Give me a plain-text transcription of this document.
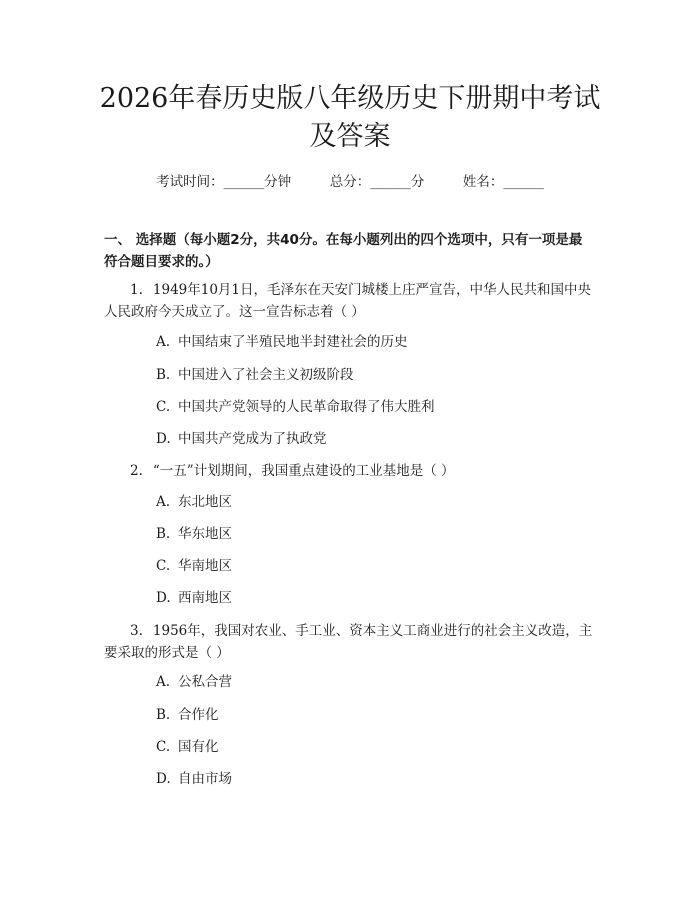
2026年春历史版八年级历史下册期中考试及答案
考试时间：______分钟	总分：______分	姓名：______
一、 选择题（每小题2分，共40分。在每小题列出的四个选项中，只有一项是最符合题目要求的。）
1. 1949年10月1日，毛泽东在天安门城楼上庄严宣告，中华人民共和国中央人民政府今天成立了。这一宣告标志着（ ）
A. 中国结束了半殖民地半封建社会的历史
B. 中国进入了社会主义初级阶段
C. 中国共产党领导的人民革命取得了伟大胜利
D. 中国共产党成为了执政党
2. “一五”计划期间，我国重点建设的工业基地是（ ）
A. 东北地区
B. 华东地区
C. 华南地区
D. 西南地区
3. 1956年，我国对农业、手工业、资本主义工商业进行的社会主义改造，主要采取的形式是（ ）
A. 公私合营
B. 合作化
C. 国有化
D. 自由市场
